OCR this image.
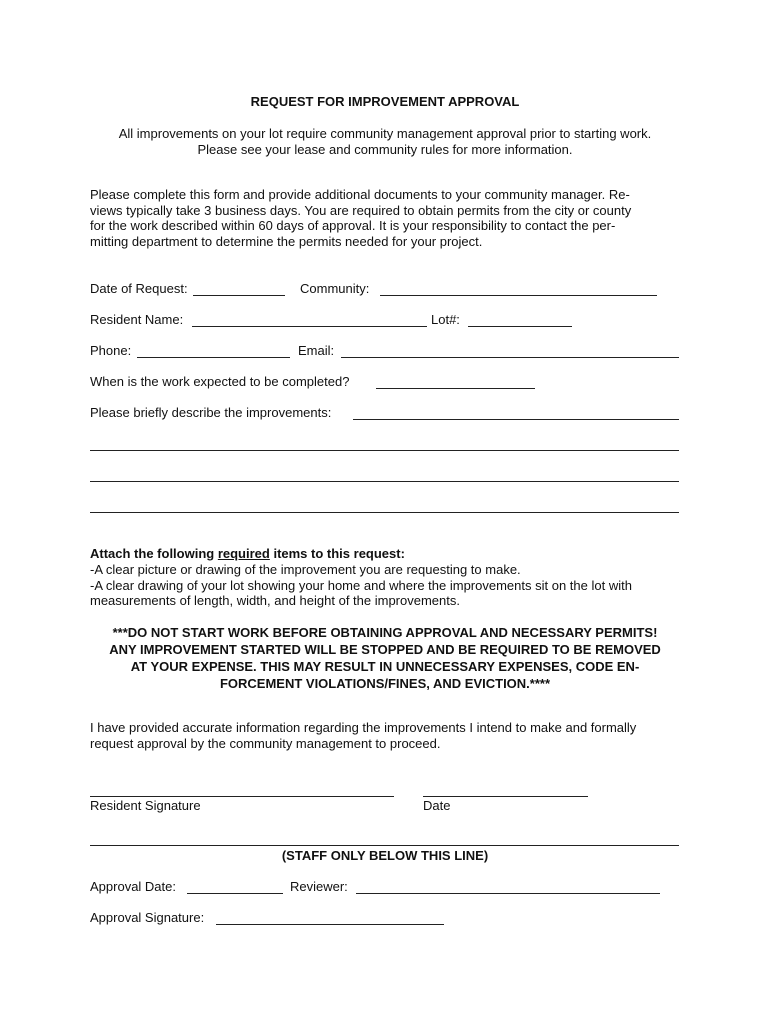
REQUEST FOR IMPROVEMENT APPROVAL
All improvements on your lot require community management approval prior to starting work.
Please see your lease and community rules for more information.

Please complete this form and provide additional documents to your community manager. Re-
views typically take 3 business days. You are required to obtain permits from the city or county
for the work described within 60 days of approval. It is your responsibility to contact the per-
mitting department to determine the permits needed for your project.

Date of Request:	Community:
Resident Name:	Lot#:
Phone:	Email:
When is the work expected to be completed?
Please briefly describe the improvements:
Attach the following required items to this request:

-A clear picture or drawing of the improvement you are requesting to make.
-A clear drawing of your lot showing your home and where the improvements sit on the lot with
measurements of length, width, and height of the improvements.

***DO NOT START WORK BEFORE OBTAINING APPROVAL AND NECESSARY PERMITS!
ANY IMPROVEMENT STARTED WILL BE STOPPED AND BE REQUIRED TO BE REMOVED
AT YOUR EXPENSE. THIS MAY RESULT IN UNNECESSARY EXPENSES, CODE EN-
FORCEMENT VIOLATIONS/FINES, AND EVICTION.****

I have provided accurate information regarding the improvements I intend to make and formally
request approval by the community management to proceed.

Resident Signature	Date
(STAFF ONLY BELOW THIS LINE)
Approval Date:	Reviewer:
Approval Signature:
